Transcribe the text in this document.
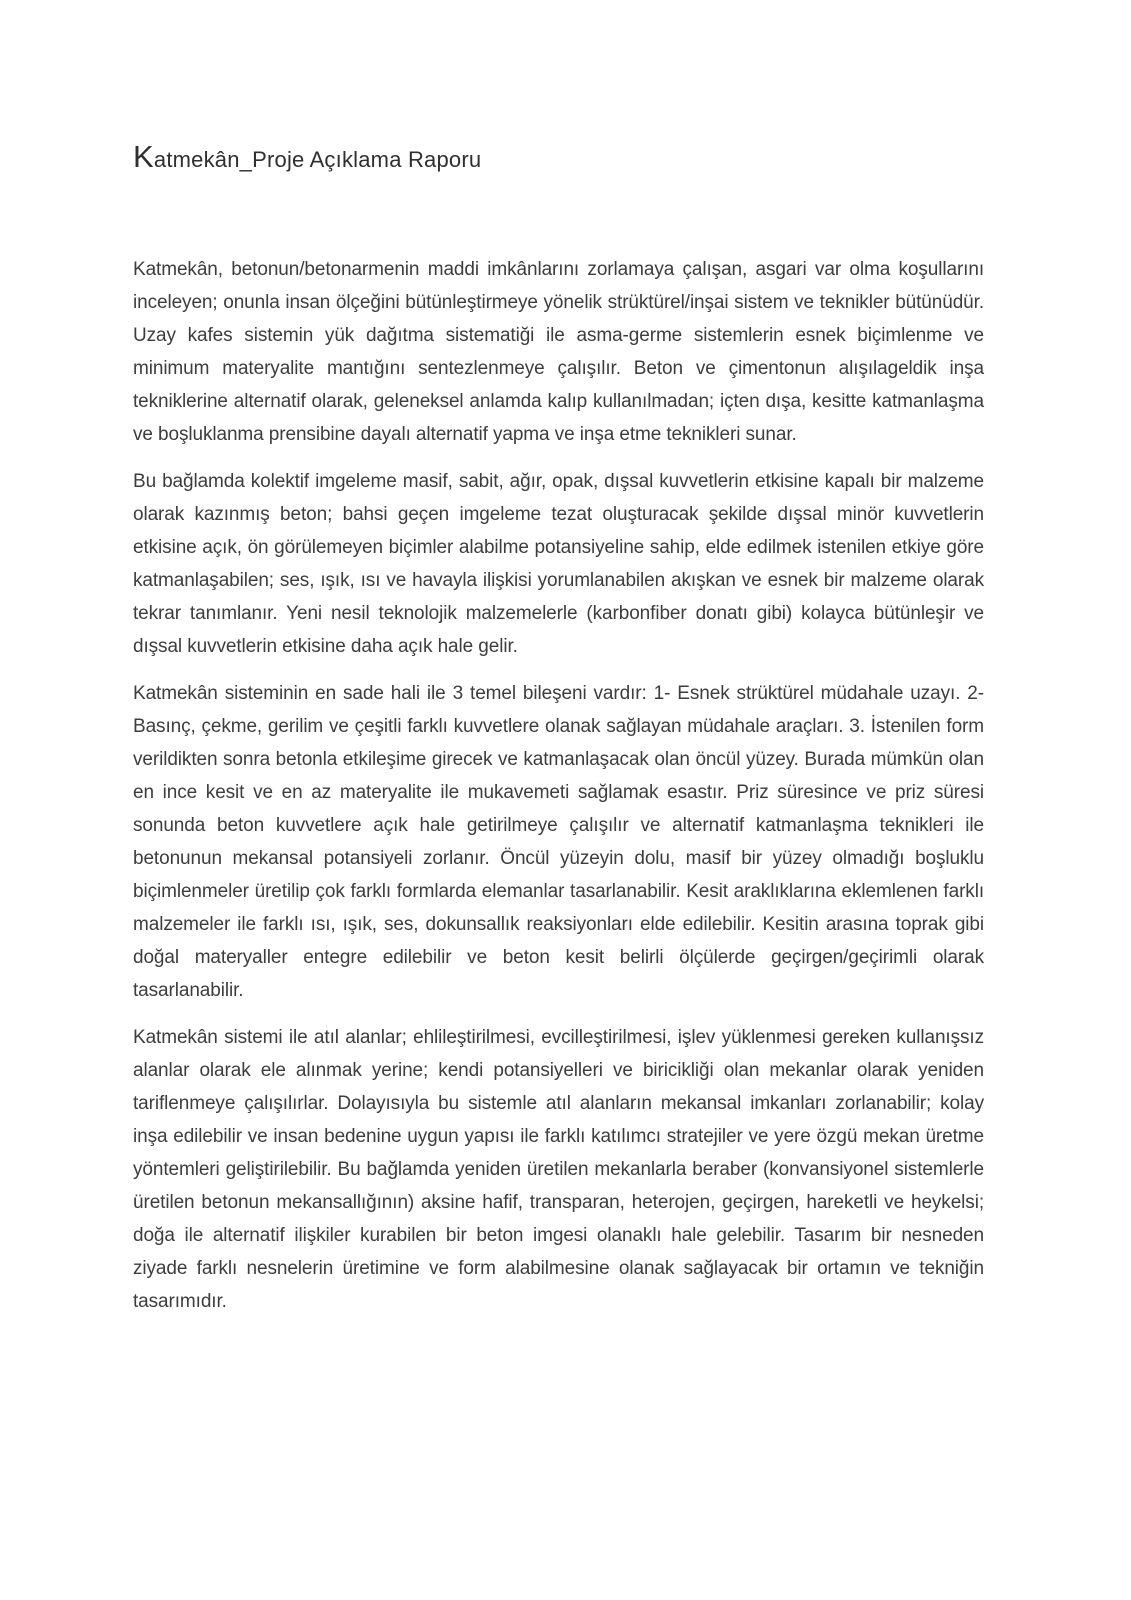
Katmekân_Proje Açıklama Raporu

Katmekân, betonun/betonarmenin maddi imkânlarını zorlamaya çalışan, asgari var olma koşullarını inceleyen; onunla insan ölçeğini bütünleştirmeye yönelik strüktürel/inşai sistem ve teknikler bütünüdür. Uzay kafes sistemin yük dağıtma sistematiği ile asma-germe sistemlerin esnek biçimlenme ve minimum materyalite mantığını sentezlenmeye çalışılır. Beton ve çimentonun alışılageldik inşa tekniklerine alternatif olarak, geleneksel anlamda kalıp kullanılmadan; içten dışa, kesitte katmanlaşma ve boşluklanma prensibine dayalı alternatif yapma ve inşa etme teknikleri sunar.

Bu bağlamda kolektif imgeleme masif, sabit, ağır, opak, dışsal kuvvetlerin etkisine kapalı bir malzeme olarak kazınmış beton; bahsi geçen imgeleme tezat oluşturacak şekilde dışsal minör kuvvetlerin etkisine açık, ön görülemeyen biçimler alabilme potansiyeline sahip, elde edilmek istenilen etkiye göre katmanlaşabilen; ses, ışık, ısı ve havayla ilişkisi yorumlanabilen akışkan ve esnek bir malzeme olarak tekrar tanımlanır. Yeni nesil teknolojik malzemelerle (karbonfiber donatı gibi) kolayca bütünleşir ve dışsal kuvvetlerin etkisine daha açık hale gelir.

Katmekân sisteminin en sade hali ile 3 temel bileşeni vardır: 1- Esnek strüktürel müdahale uzayı. 2- Basınç, çekme, gerilim ve çeşitli farklı kuvvetlere olanak sağlayan müdahale araçları. 3. İstenilen form verildikten sonra betonla etkileşime girecek ve katmanlaşacak olan öncül yüzey. Burada mümkün olan en ince kesit ve en az materyalite ile mukavemeti sağlamak esastır. Priz süresince ve priz süresi sonunda beton kuvvetlere açık hale getirilmeye çalışılır ve alternatif katmanlaşma teknikleri ile betonunun mekansal potansiyeli zorlanır. Öncül yüzeyin dolu, masif bir yüzey olmadığı boşluklu biçimlenmeler üretilip çok farklı formlarda elemanlar tasarlanabilir. Kesit araklıklarına eklemlenen farklı malzemeler ile farklı ısı, ışık, ses, dokunsallık reaksiyonları elde edilebilir. Kesitin arasına toprak gibi doğal materyaller entegre edilebilir ve beton kesit belirli ölçülerde geçirgen/geçirimli olarak tasarlanabilir.

Katmekân sistemi ile atıl alanlar; ehlileştirilmesi, evcilleştirilmesi, işlev yüklenmesi gereken kullanışsız alanlar olarak ele alınmak yerine; kendi potansiyelleri ve biricikliği olan mekanlar olarak yeniden tariflenmeye çalışılırlar. Dolayısıyla bu sistemle atıl alanların mekansal imkanları zorlanabilir; kolay inşa edilebilir ve insan bedenine uygun yapısı ile farklı katılımcı stratejiler ve yere özgü mekan üretme yöntemleri geliştirilebilir. Bu bağlamda yeniden üretilen mekanlarla beraber (konvansiyonel sistemlerle üretilen betonun mekansallığının) aksine hafif, transparan, heterojen, geçirgen, hareketli ve heykelsi; doğa ile alternatif ilişkiler kurabilen bir beton imgesi olanaklı hale gelebilir. Tasarım bir nesneden ziyade farklı nesnelerin üretimine ve form alabilmesine olanak sağlayacak bir ortamın ve tekniğin tasarımıdır.
